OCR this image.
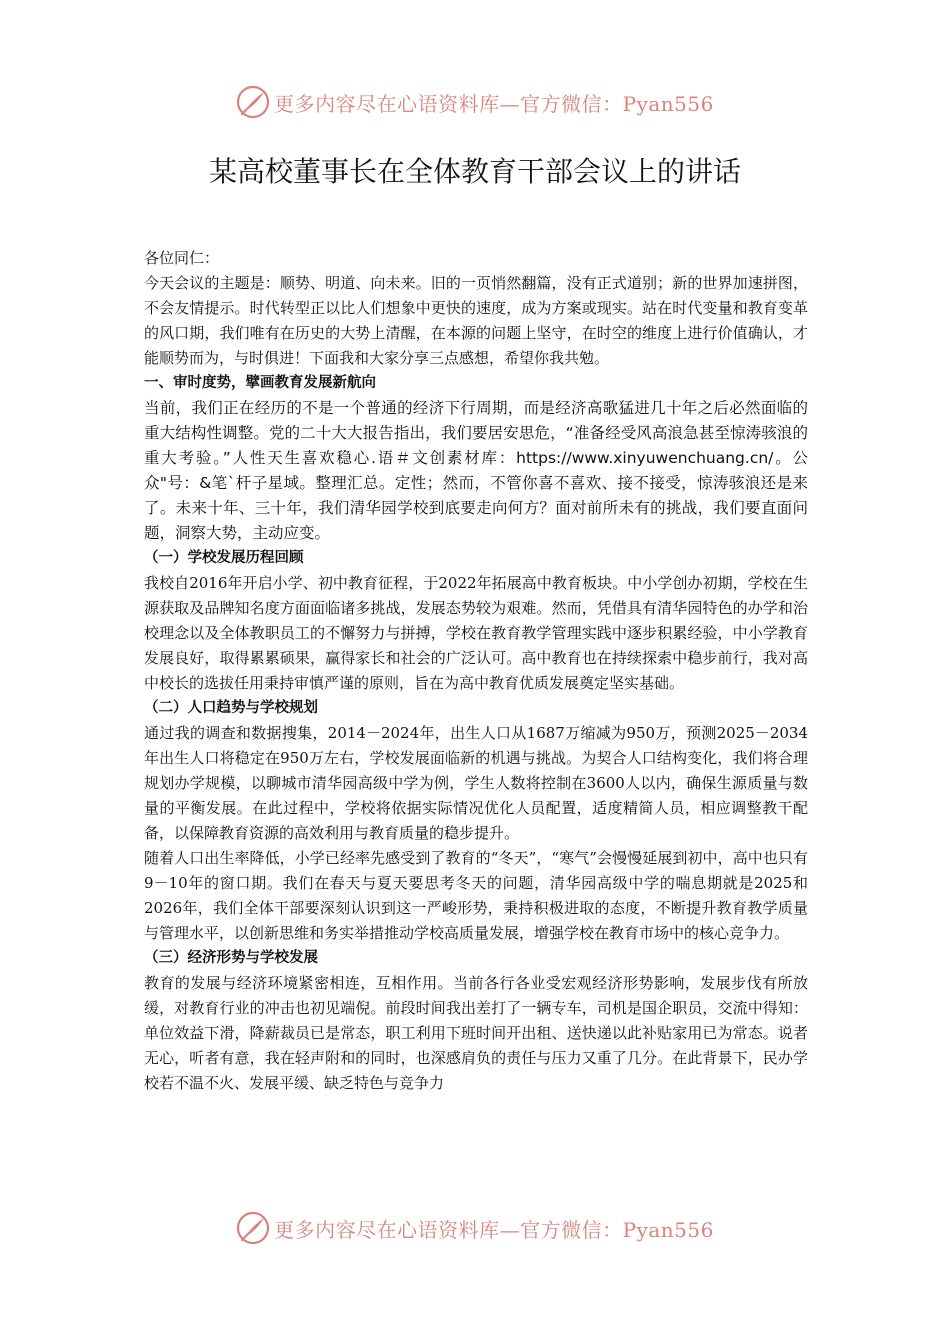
更多内容尽在心语资料库—官方微信：Pyan556
某高校董事长在全体教育干部会议上的讲话

各位同仁：

今天会议的主题是：顺势、明道、向未来。旧的一页悄然翻篇，没有正式道别；新的世界加速拼图，不会友情提示。时代转型正以比人们想象中更快的速度，成为方案或现实。站在时代变量和教育变革的风口期，我们唯有在历史的大势上清醒，在本源的问题上坚守，在时空的维度上进行价值确认，才能顺势而为，与时俱进！下面我和大家分享三点感想，希望你我共勉。

一、审时度势，擘画教育发展新航向

当前，我们正在经历的不是一个普通的经济下行周期，而是经济高歌猛进几十年之后必然面临的重大结构性调整。党的二十大大报告指出，我们要居安思危，“准备经受风高浪急甚至惊涛骇浪的重大考验。”人性天生喜欢稳心.语＃文创素材库：https://www.xinyuwenchuang.cn/。公众"号：&笔`杆子星域。整理汇总。定性；然而，不管你喜不喜欢、接不接受，惊涛骇浪还是来了。未来十年、三十年，我们清华园学校到底要走向何方？面对前所未有的挑战，我们要直面问题，洞察大势，主动应变。

（一）学校发展历程回顾

我校自2016年开启小学、初中教育征程，于2022年拓展高中教育板块。中小学创办初期，学校在生源获取及品牌知名度方面面临诸多挑战，发展态势较为艰难。然而，凭借具有清华园特色的办学和治校理念以及全体教职员工的不懈努力与拼搏，学校在教育教学管理实践中逐步积累经验，中小学教育发展良好，取得累累硕果，赢得家长和社会的广泛认可。高中教育也在持续探索中稳步前行，我对高中校长的选拔任用秉持审慎严谨的原则，旨在为高中教育优质发展奠定坚实基础。

（二）人口趋势与学校规划

通过我的调查和数据搜集，2014－2024年，出生人口从1687万缩减为950万，预测2025－2034年出生人口将稳定在950万左右，学校发展面临新的机遇与挑战。为契合人口结构变化，我们将合理规划办学规模，以聊城市清华园高级中学为例，学生人数将控制在3600人以内，确保生源质量与数量的平衡发展。在此过程中，学校将依据实际情况优化人员配置，适度精简人员，相应调整教干配备，以保障教育资源的高效利用与教育质量的稳步提升。

随着人口出生率降低，小学已经率先感受到了教育的“冬天”，“寒气”会慢慢延展到初中，高中也只有9－10年的窗口期。我们在春天与夏天要思考冬天的问题，清华园高级中学的喘息期就是2025和2026年，我们全体干部要深刻认识到这一严峻形势，秉持积极进取的态度，不断提升教育教学质量与管理水平，以创新思维和务实举措推动学校高质量发展，增强学校在教育市场中的核心竞争力。

（三）经济形势与学校发展

教育的发展与经济环境紧密相连，互相作用。当前各行各业受宏观经济形势影响，发展步伐有所放缓，对教育行业的冲击也初见端倪。前段时间我出差打了一辆专车，司机是国企职员，交流中得知：单位效益下滑，降薪裁员已是常态，职工利用下班时间开出租、送快递以此补贴家用已为常态。说者无心，听者有意，我在轻声附和的同时，也深感肩负的责任与压力又重了几分。在此背景下，民办学校若不温不火、发展平缓、缺乏特色与竞争力

更多内容尽在心语资料库—官方微信：Pyan556
